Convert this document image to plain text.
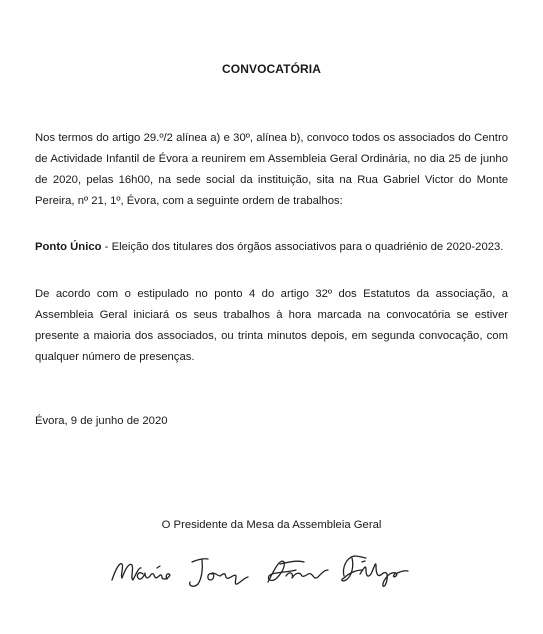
CONVOCATÓRIA
Nos termos do artigo 29.º/2 alínea a) e 30º, alínea b), convoco todos os associados do Centro de Actividade Infantil de Évora a reunirem em Assembleia Geral Ordinária, no dia 25 de junho de 2020, pelas 16h00, na sede social da instituição, sita na Rua Gabriel Victor do Monte Pereira, nº 21, 1º, Évora, com a seguinte ordem de trabalhos:
Ponto Único - Eleição dos titulares dos órgãos associativos para o quadriénio de 2020-2023.
De acordo com o estipulado no ponto 4 do artigo 32º dos Estatutos da associação, a Assembleia Geral iniciará os seus trabalhos à hora marcada na convocatória se estiver presente a maioria dos associados, ou trinta minutos depois, em segunda convocação, com qualquer número de presenças.
Évora, 9 de junho de 2020
O Presidente da Mesa da Assembleia Geral
